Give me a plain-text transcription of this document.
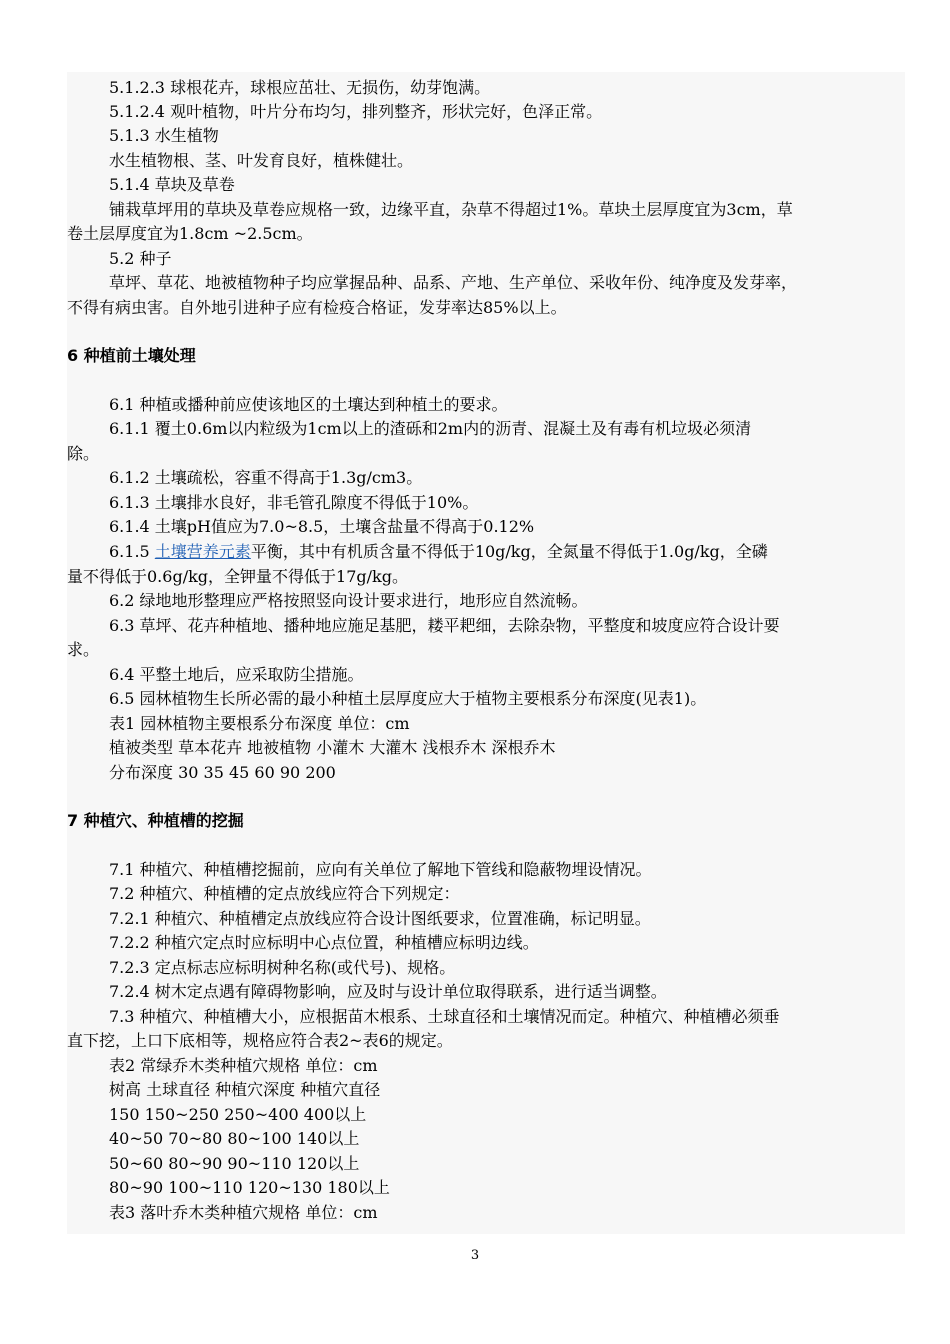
5.1.2.3 球根花卉，球根应茁壮、无损伤，幼芽饱满。
5.1.2.4 观叶植物，叶片分布均匀，排列整齐，形状完好，色泽正常。
5.1.3 水生植物
水生植物根、茎、叶发育良好，植株健壮。
5.1.4 草块及草卷
铺栽草坪用的草块及草卷应规格一致，边缘平直，杂草不得超过1%。草块土层厚度宜为3cm，草
卷土层厚度宜为1.8cm ~2.5cm。
5.2 种子
草坪、草花、地被植物种子均应掌握品种、品系、产地、生产单位、采收年份、纯净度及发芽率，
不得有病虫害。自外地引进种子应有检疫合格证，发芽率达85%以上。
6 种植前土壤处理
6.1 种植或播种前应使该地区的土壤达到种植土的要求。
6.1.1 覆土0.6m以内粒级为1cm以上的渣砾和2m内的沥青、混凝土及有毒有机垃圾必须清
除。
6.1.2 土壤疏松，容重不得高于1.3g/cm3。
6.1.3 土壤排水良好，非毛管孔隙度不得低于10%。
6.1.4 土壤pH值应为7.0~8.5，土壤含盐量不得高于0.12%
6.1.5 土壤营养元素平衡，其中有机质含量不得低于10g/kg，全氮量不得低于1.0g/kg，全磷
量不得低于0.6g/kg，全钾量不得低于17g/kg。
6.2 绿地地形整理应严格按照竖向设计要求进行，地形应自然流畅。
6.3 草坪、花卉种植地、播种地应施足基肥，耧平耙细，去除杂物，平整度和坡度应符合设计要
求。
6.4 平整土地后，应采取防尘措施。
6.5 园林植物生长所必需的最小种植土层厚度应大于植物主要根系分布深度(见表1)。
表1 园林植物主要根系分布深度 单位：cm
植被类型 草本花卉 地被植物 小灌木 大灌木 浅根乔木 深根乔木
分布深度 30 35 45 60 90 200
7 种植穴、种植槽的挖掘
7.1 种植穴、种植槽挖掘前，应向有关单位了解地下管线和隐蔽物埋设情况。
7.2 种植穴、种植槽的定点放线应符合下列规定：
7.2.1 种植穴、种植槽定点放线应符合设计图纸要求，位置准确，标记明显。
7.2.2 种植穴定点时应标明中心点位置，种植槽应标明边线。
7.2.3 定点标志应标明树种名称(或代号)、规格。
7.2.4 树木定点遇有障碍物影响，应及时与设计单位取得联系，进行适当调整。
7.3 种植穴、种植槽大小，应根据苗木根系、土球直径和土壤情况而定。种植穴、种植槽必须垂
直下挖，上口下底相等，规格应符合表2~表6的规定。
表2 常绿乔木类种植穴规格 单位：cm
树高 土球直径 种植穴深度 种植穴直径
150 150~250 250~400 400以上
40~50 70~80 80~100 140以上
50~60 80~90 90~110 120以上
80~90 100~110 120~130 180以上
表3 落叶乔木类种植穴规格 单位：cm
3
